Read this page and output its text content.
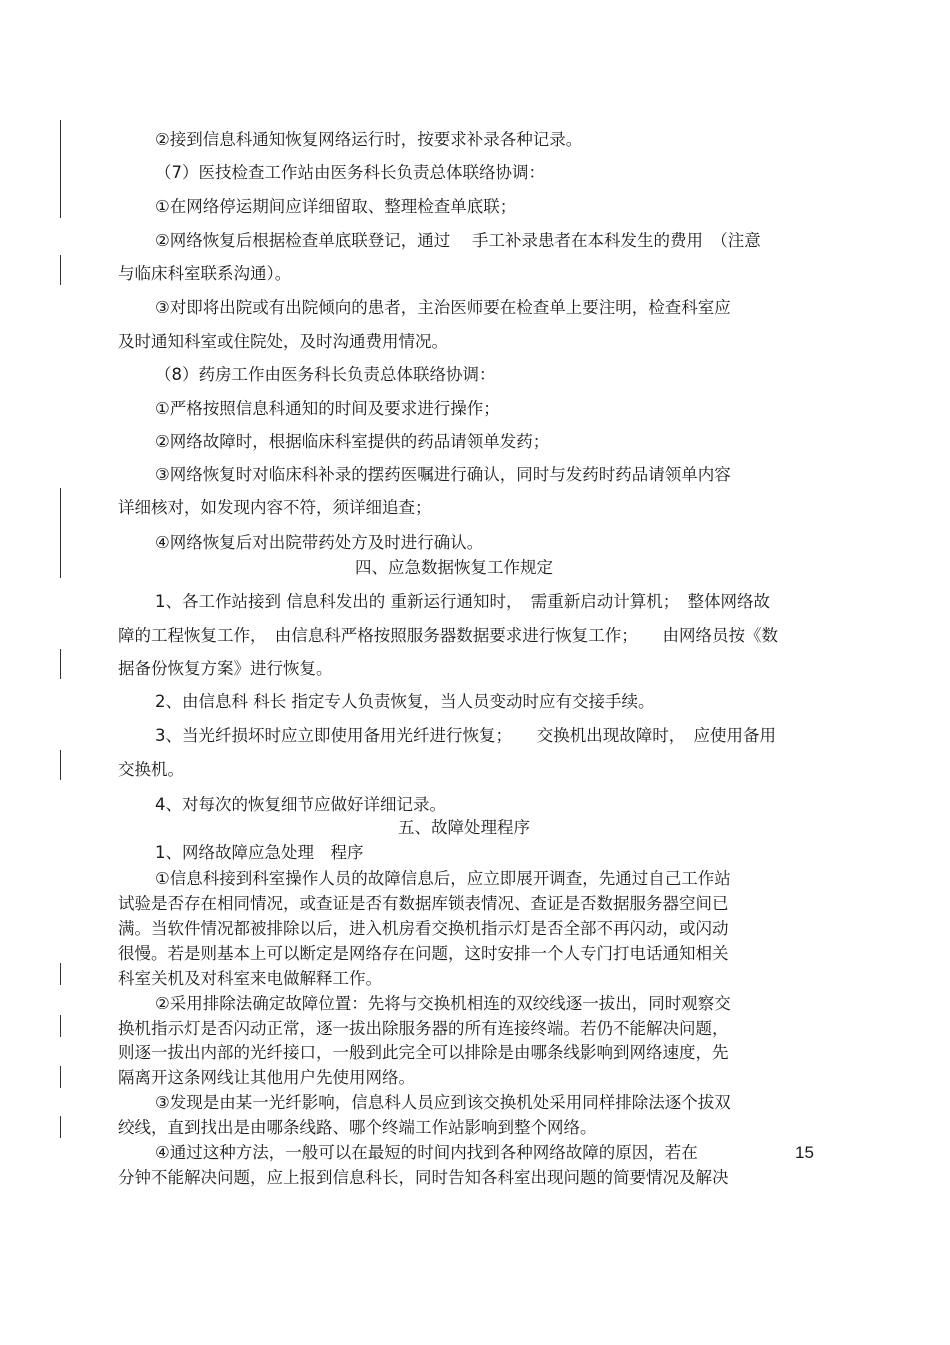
②接到信息科通知恢复网络运行时，按要求补录各种记录。
（7）医技检查工作站由医务科长负责总体联络协调：
①在网络停运期间应详细留取、整理检查单底联；
②网络恢复后根据检查单底联登记，通过　 手工补录患者在本科发生的费用　（注意
与临床科室联系沟通）。
③对即将出院或有出院倾向的患者，主治医师要在检查单上要注明，检查科室应
及时通知科室或住院处，及时沟通费用情况。
（8）药房工作由医务科长负责总体联络协调：
①严格按照信息科通知的时间及要求进行操作；
②网络故障时，根据临床科室提供的药品请领单发药；
③网络恢复时对临床科补录的摆药医嘱进行确认，同时与发药时药品请领单内容
详细核对，如发现内容不符，须详细追查；
④网络恢复后对出院带药处方及时进行确认。
四、应急数据恢复工作规定
1、各工作站接到 信息科发出的 重新运行通知时，　需重新启动计算机；　整体网络故
障的工程恢复工作，　由信息科严格按照服务器数据要求进行恢复工作；　　由网络员按《数
据备份恢复方案》进行恢复。
2、由信息科 科长 指定专人负责恢复，当人员变动时应有交接手续。
3、当光纤损坏时应立即使用备用光纤进行恢复；　　交换机出现故障时，　应使用备用
交换机。
4、对每次的恢复细节应做好详细记录。
五、故障处理程序
1、网络故障应急处理　程序
①信息科接到科室操作人员的故障信息后，应立即展开调查，先通过自己工作站
试验是否存在相同情况，或查证是否有数据库锁表情况、查证是否数据服务器空间已
满。当软件情况都被排除以后，进入机房看交换机指示灯是否全部不再闪动，或闪动
很慢。若是则基本上可以断定是网络存在问题，这时安排一个人专门打电话通知相关
科室关机及对科室来电做解释工作。
②采用排除法确定故障位置：先将与交换机相连的双绞线逐一拔出，同时观察交
换机指示灯是否闪动正常，逐一拔出除服务器的所有连接终端。若仍不能解决问题，
则逐一拔出内部的光纤接口，一般到此完全可以排除是由哪条线影响到网络速度，先
隔离开这条网线让其他用户先使用网络。
③发现是由某一光纤影响，信息科人员应到该交换机处采用同样排除法逐个拔双
绞线，直到找出是由哪条线路、哪个终端工作站影响到整个网络。
④通过这种方法，一般可以在最短的时间内找到各种网络故障的原因，若在
分钟不能解决问题，应上报到信息科长，同时告知各科室出现问题的简要情况及解决
15
